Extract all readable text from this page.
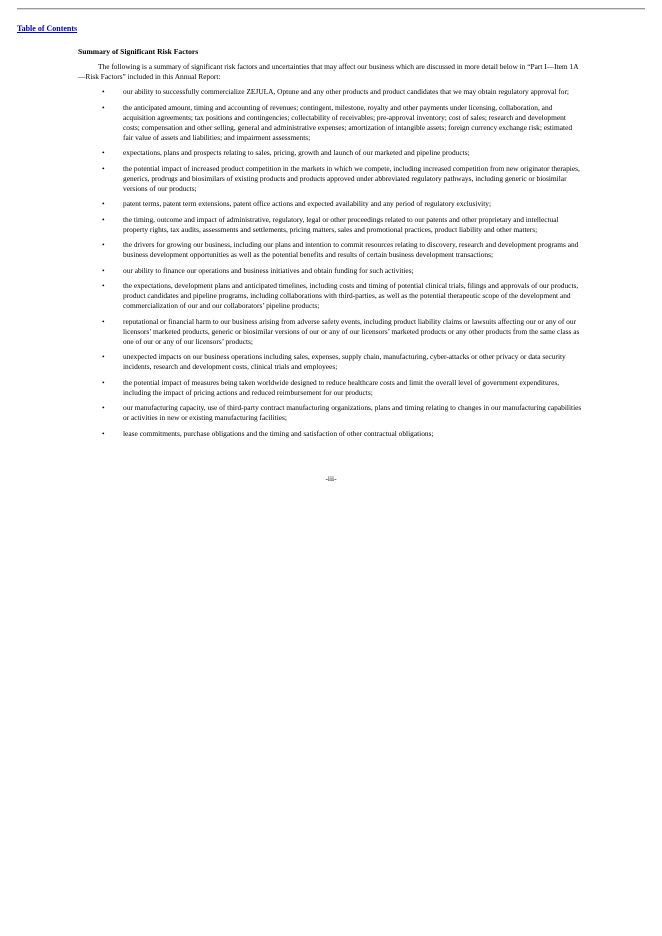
Table of Contents
Summary of Significant Risk Factors
The following is a summary of significant risk factors and uncertainties that may affect our business which are discussed in more detail below in “Part I—Item 1A—Risk Factors” included in this Annual Report:
• our ability to successfully commercialize ZEJULA, Optune and any other products and product candidates that we may obtain regulatory approval for;
• the anticipated amount, timing and accounting of revenues; contingent, milestone, royalty and other payments under licensing, collaboration, and acquisition agreements; tax positions and contingencies; collectability of receivables; pre-approval inventory; cost of sales; research and development costs; compensation and other selling, general and administrative expenses; amortization of intangible assets; foreign currency exchange risk; estimated fair value of assets and liabilities; and impairment assessments;
• expectations, plans and prospects relating to sales, pricing, growth and launch of our marketed and pipeline products;
• the potential impact of increased product competition in the markets in which we compete, including increased competition from new originator therapies, generics, prodrugs and biosimilars of existing products and products approved under abbreviated regulatory pathways, including generic or biosimilar versions of our products;
• patent terms, patent term extensions, patent office actions and expected availability and any period of regulatory exclusivity;
• the timing, outcome and impact of administrative, regulatory, legal or other proceedings related to our patents and other proprietary and intellectual property rights, tax audits, assessments and settlements, pricing matters, sales and promotional practices, product liability and other matters;
• the drivers for growing our business, including our plans and intention to commit resources relating to discovery, research and development programs and business development opportunities as well as the potential benefits and results of certain business development transactions;
• our ability to finance our operations and business initiatives and obtain funding for such activities;
• the expectations, development plans and anticipated timelines, including costs and timing of potential clinical trials, filings and approvals of our products, product candidates and pipeline programs, including collaborations with third-parties, as well as the potential therapeutic scope of the development and commercialization of our and our collaborators’ pipeline products;
• reputational or financial harm to our business arising from adverse safety events, including product liability claims or lawsuits affecting our or any of our licensors’ marketed products, generic or biosimilar versions of our or any of our licensors’ marketed products or any other products from the same class as one of our or any of our licensors’ products;
• unexpected impacts on our business operations including sales, expenses, supply chain, manufacturing, cyber-attacks or other privacy or data security incidents, research and development costs, clinical trials and employees;
• the potential impact of measures being taken worldwide designed to reduce healthcare costs and limit the overall level of government expenditures, including the impact of pricing actions and reduced reimbursement for our products;
• our manufacturing capacity, use of third-party contract manufacturing organizations, plans and timing relating to changes in our manufacturing capabilities or activities in new or existing manufacturing facilities;
• lease commitments, purchase obligations and the timing and satisfaction of other contractual obligations;
-iii-
